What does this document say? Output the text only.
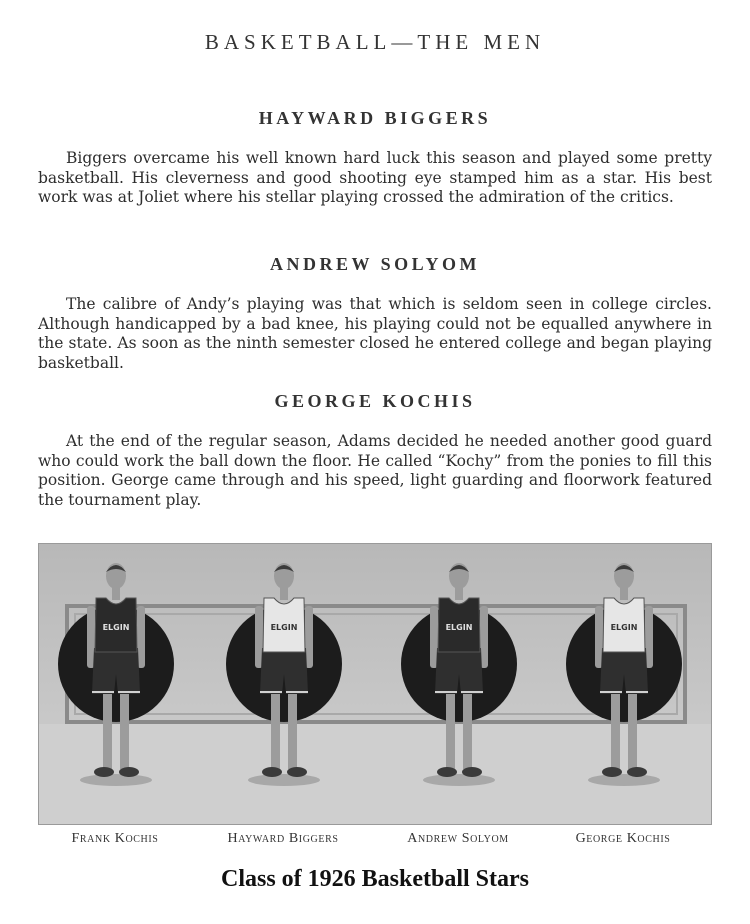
BASKETBALL—THE MEN
HAYWARD BIGGERS

Biggers overcame his well known hard luck this season and played some pretty basketball. His cleverness and good shooting eye stamped him as a star. His best work was at Joliet where his stellar playing crossed the admiration of the critics.

ANDREW SOLYOM

The calibre of Andy’s playing was that which is seldom seen in college circles. Although handicapped by a bad knee, his playing could not be equalled anywhere in the state. As soon as the ninth semester closed he entered college and began playing basketball.

GEORGE KOCHIS

At the end of the regular season, Adams decided he needed another good guard who could work the ball down the floor. He called “Kochy” from the ponies to fill this position. George came through and his speed, light guarding and floorwork featured the tournament play.

ELGIN	ELGIN	ELGIN	ELGIN
Frank Kochis	Hayward Biggers	Andrew Solyom	George Kochis
Class of 1926 Basketball Stars
